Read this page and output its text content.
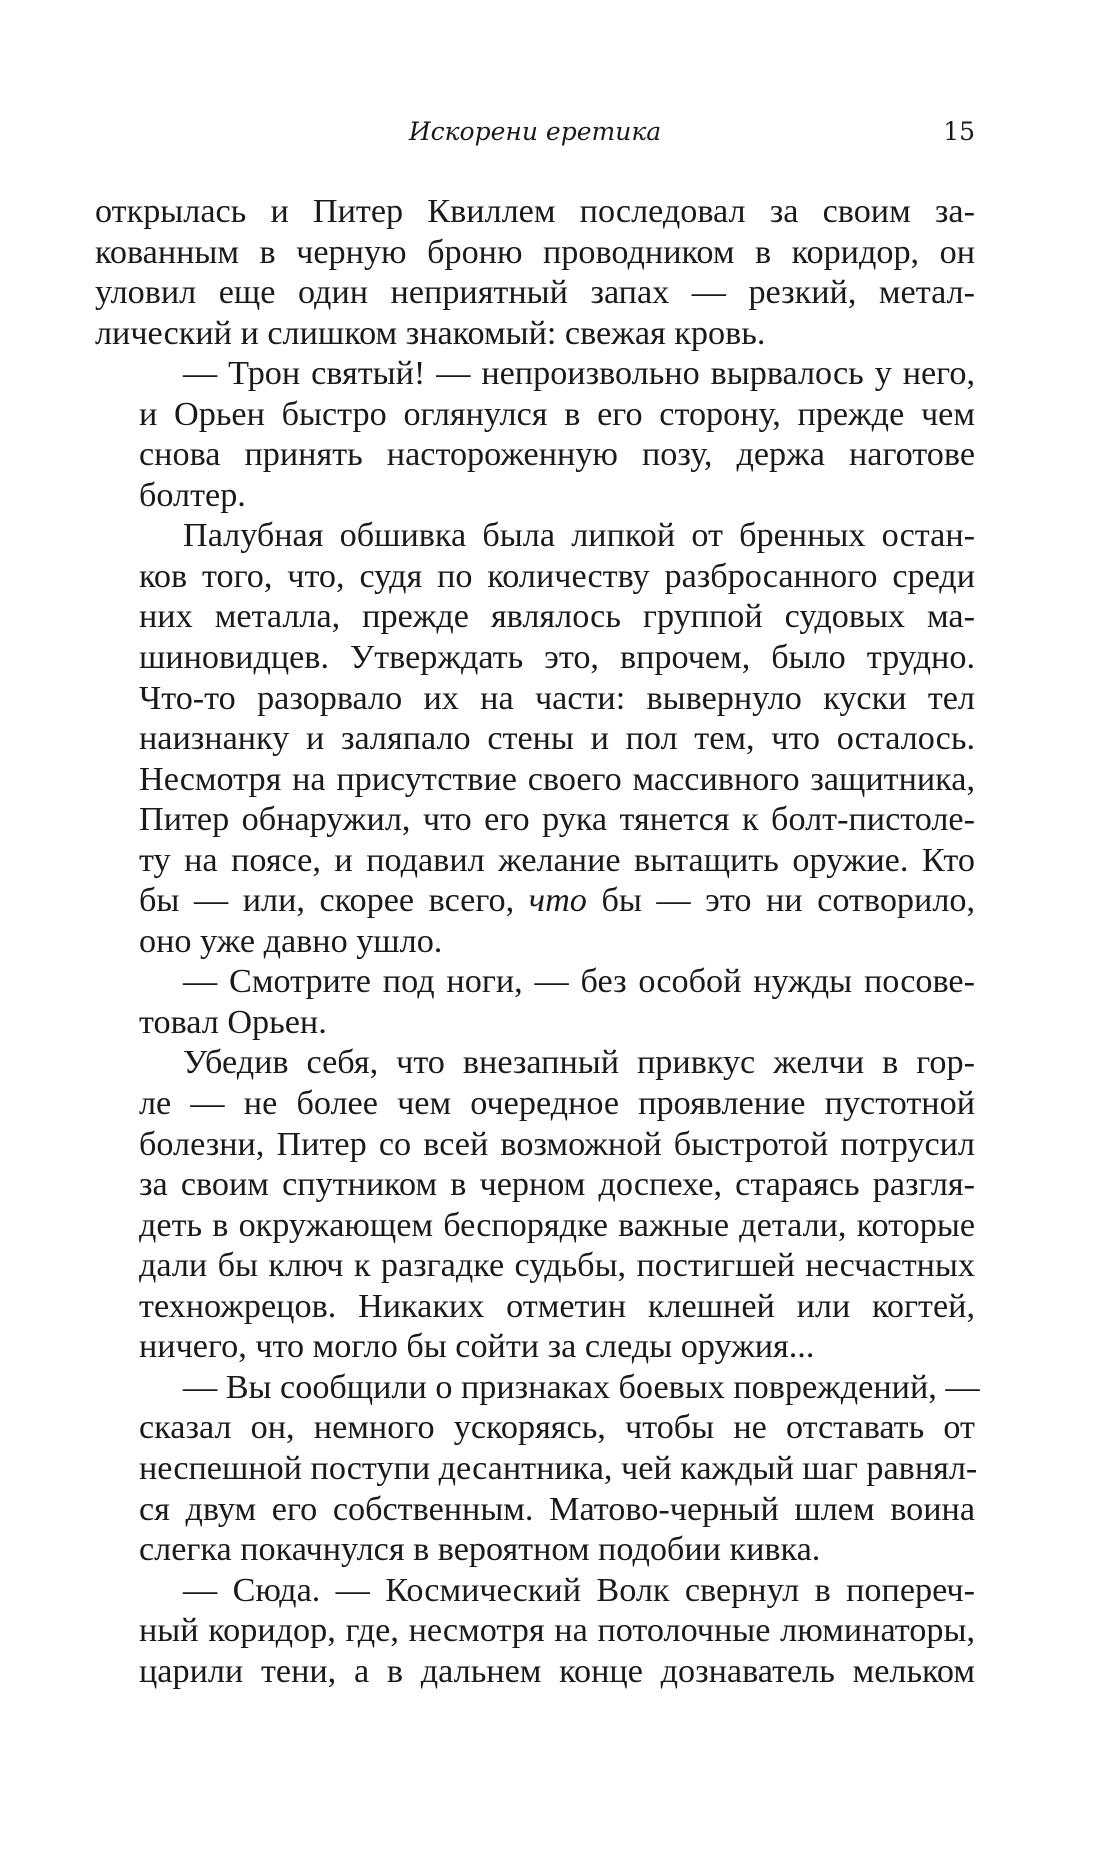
Искорени еретика	15

открылась и Питер Квиллем последовал за своим за-
кованным в черную броню проводником в коридор, он
уловил еще один неприятный запах — резкий, метал-
лический и слишком знакомый: свежая кровь.

— Трон святый! — непроизвольно вырвалось у него,
и Орьен быстро оглянулся в его сторону, прежде чем
снова принять настороженную позу, держа наготове
болтер.

Палубная обшивка была липкой от бренных остан-
ков того, что, судя по количеству разбросанного среди
них металла, прежде являлось группой судовых ма-
шиновидцев. Утверждать это, впрочем, было трудно.
Что-то разорвало их на части: вывернуло куски тел
наизнанку и заляпало стены и пол тем, что осталось.
Несмотря на присутствие своего массивного защитника,
Питер обнаружил, что его рука тянется к болт-пистоле-
ту на поясе, и подавил желание вытащить оружие. Кто
бы — или, скорее всего, что бы — это ни сотворило,
оно уже давно ушло.

— Смотрите под ноги, — без особой нужды посове-
товал Орьен.

Убедив себя, что внезапный привкус желчи в гор-
ле — не более чем очередное проявление пустотной
болезни, Питер со всей возможной быстротой потрусил
за своим спутником в черном доспехе, стараясь разгля-
деть в окружающем беспорядке важные детали, которые
дали бы ключ к разгадке судьбы, постигшей несчастных
техножрецов. Никаких отметин клешней или когтей,
ничего, что могло бы сойти за следы оружия...

— Вы сообщили о признаках боевых повреждений, —
сказал он, немного ускоряясь, чтобы не отставать от
неспешной поступи десантника, чей каждый шаг равнял-
ся двум его собственным. Матово-черный шлем воина
слегка покачнулся в вероятном подобии кивка.

— Сюда. — Космический Волк свернул в попереч-
ный коридор, где, несмотря на потолочные люминаторы,
царили тени, а в дальнем конце дознаватель мельком
